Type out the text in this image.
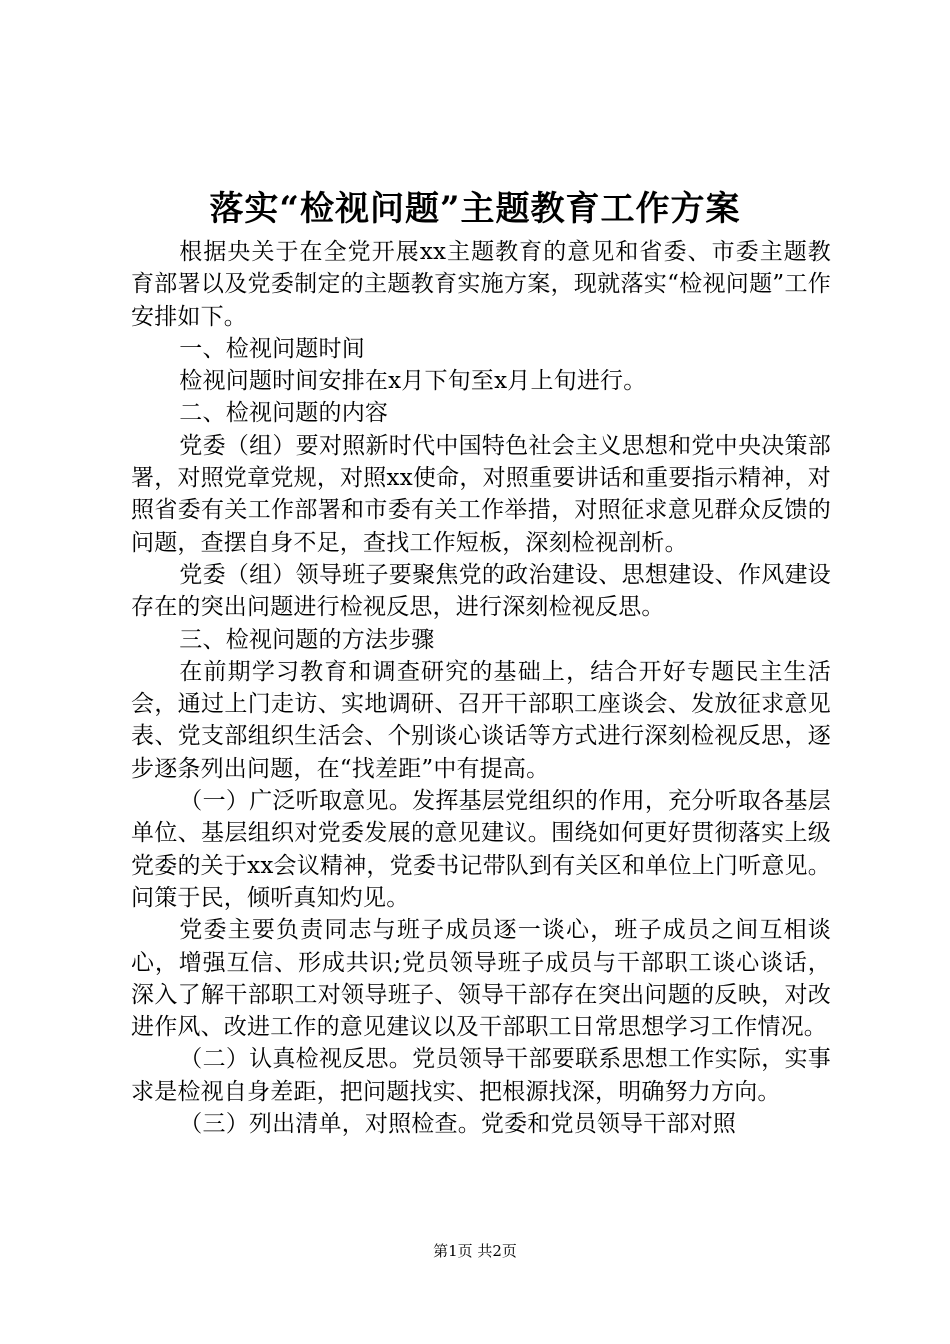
落实“检视问题”主题教育工作方案

根据央关于在全党开展xx主题教育的意见和省委、市委主题教育部署以及党委制定的主题教育实施方案，现就落实“检视问题”工作安排如下。

一、检视问题时间

检视问题时间安排在x月下旬至x月上旬进行。

二、检视问题的内容

党委（组）要对照新时代中国特色社会主义思想和党中央决策部署，对照党章党规，对照xx使命，对照重要讲话和重要指示精神，对照省委有关工作部署和市委有关工作举措，对照征求意见群众反馈的问题，查摆自身不足，查找工作短板，深刻检视剖析。

党委（组）领导班子要聚焦党的政治建设、思想建设、作风建设存在的突出问题进行检视反思，进行深刻检视反思。

三、检视问题的方法步骤

在前期学习教育和调查研究的基础上，结合开好专题民主生活会，通过上门走访、实地调研、召开干部职工座谈会、发放征求意见表、党支部组织生活会、个别谈心谈话等方式进行深刻检视反思，逐步逐条列出问题，在“找差距”中有提高。

（一）广泛听取意见。发挥基层党组织的作用，充分听取各基层单位、基层组织对党委发展的意见建议。围绕如何更好贯彻落实上级党委的关于xx会议精神，党委书记带队到有关区和单位上门听意见。问策于民，倾听真知灼见。

党委主要负责同志与班子成员逐一谈心，班子成员之间互相谈心，增强互信、形成共识;党员领导班子成员与干部职工谈心谈话，深入了解干部职工对领导班子、领导干部存在突出问题的反映，对改进作风、改进工作的意见建议以及干部职工日常思想学习工作情况。

（二）认真检视反思。党员领导干部要联系思想工作实际，实事求是检视自身差距，把问题找实、把根源找深，明确努力方向。

（三）列出清单，对照检查。党委和党员领导干部对照

第1页 共2页
